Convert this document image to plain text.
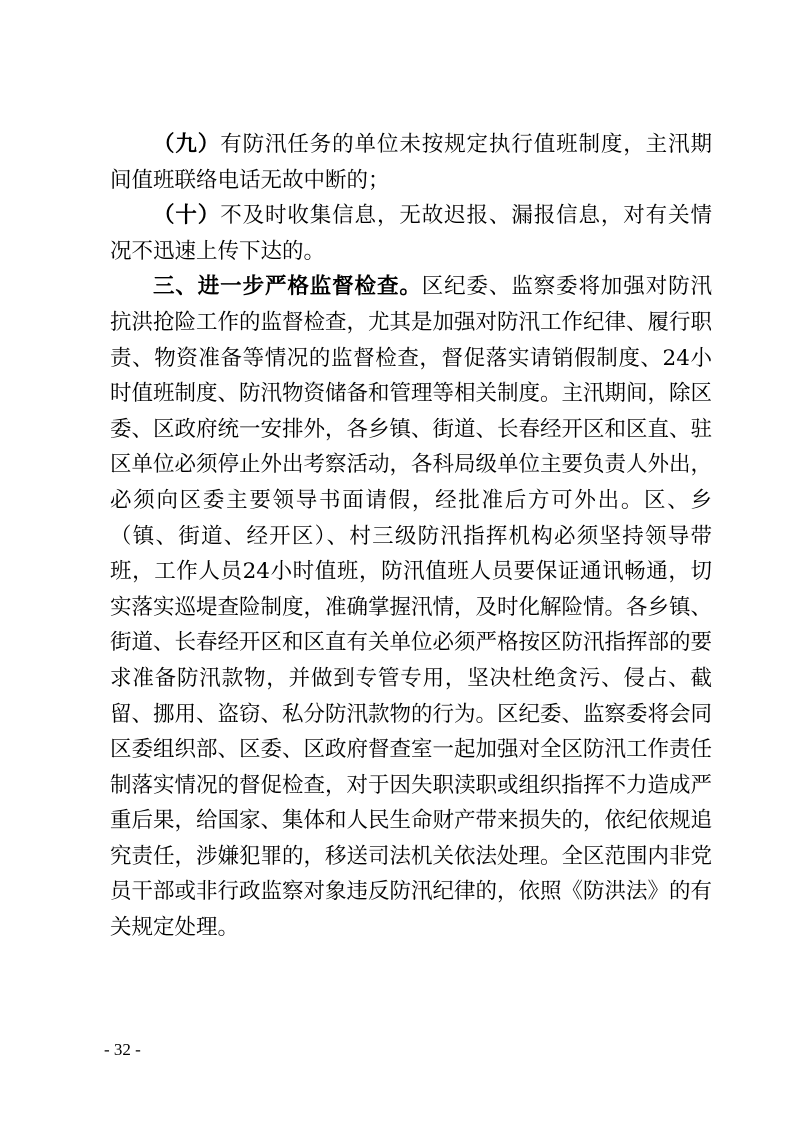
（九）有防汛任务的单位未按规定执行值班制度，主汛期间值班联络电话无故中断的；

（十）不及时收集信息，无故迟报、漏报信息，对有关情况不迅速上传下达的。

三、进一步严格监督检查。区纪委、监察委将加强对防汛抗洪抢险工作的监督检查，尤其是加强对防汛工作纪律、履行职责、物资准备等情况的监督检查，督促落实请销假制度、24小时值班制度、防汛物资储备和管理等相关制度。主汛期间，除区委、区政府统一安排外，各乡镇、街道、长春经开区和区直、驻区单位必须停止外出考察活动，各科局级单位主要负责人外出，必须向区委主要领导书面请假，经批准后方可外出。区、乡（镇、街道、经开区）、村三级防汛指挥机构必须坚持领导带班，工作人员24小时值班，防汛值班人员要保证通讯畅通，切实落实巡堤查险制度，准确掌握汛情，及时化解险情。各乡镇、街道、长春经开区和区直有关单位必须严格按区防汛指挥部的要求准备防汛款物，并做到专管专用，坚决杜绝贪污、侵占、截留、挪用、盗窃、私分防汛款物的行为。区纪委、监察委将会同区委组织部、区委、区政府督查室一起加强对全区防汛工作责任制落实情况的督促检查，对于因失职渎职或组织指挥不力造成严重后果，给国家、集体和人民生命财产带来损失的，依纪依规追究责任，涉嫌犯罪的，移送司法机关依法处理。全区范围内非党员干部或非行政监察对象违反防汛纪律的，依照《防洪法》的有关规定处理。

- 32 -
